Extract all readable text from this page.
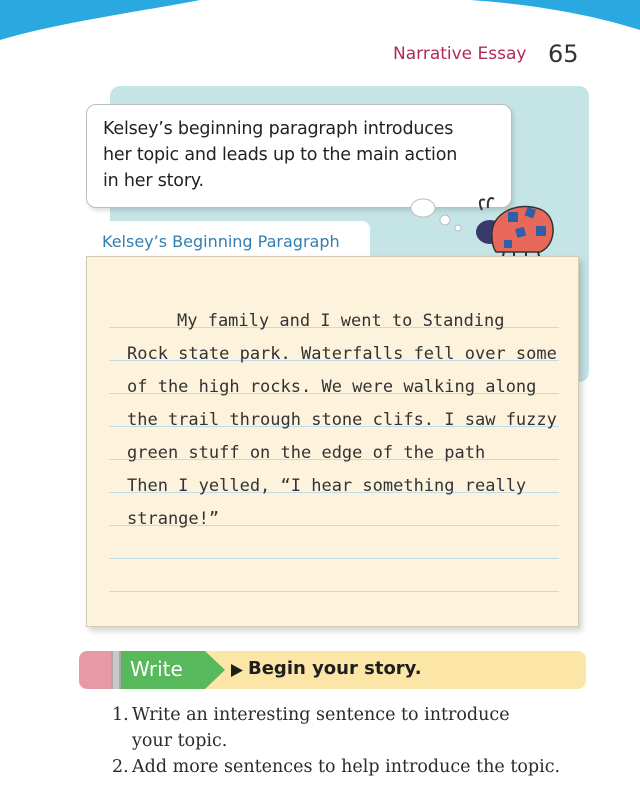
Narrative Essay 65
Kelsey’s beginning paragraph introduces
her topic and leads up to the main action
in her story.
Kelsey’s Beginning Paragraph
My family and I went to Standing
Rock state park. Waterfalls fell over some
of the high rocks. We were walking along
the trail through stone clifs. I saw fuzzy
green stuff on the edge of the path
Then I yelled, “I hear something really
strange!”
Write	Begin your story.
1. Write an interesting sentence to introduce
your topic.
2. Add more sentences to help introduce the topic.
